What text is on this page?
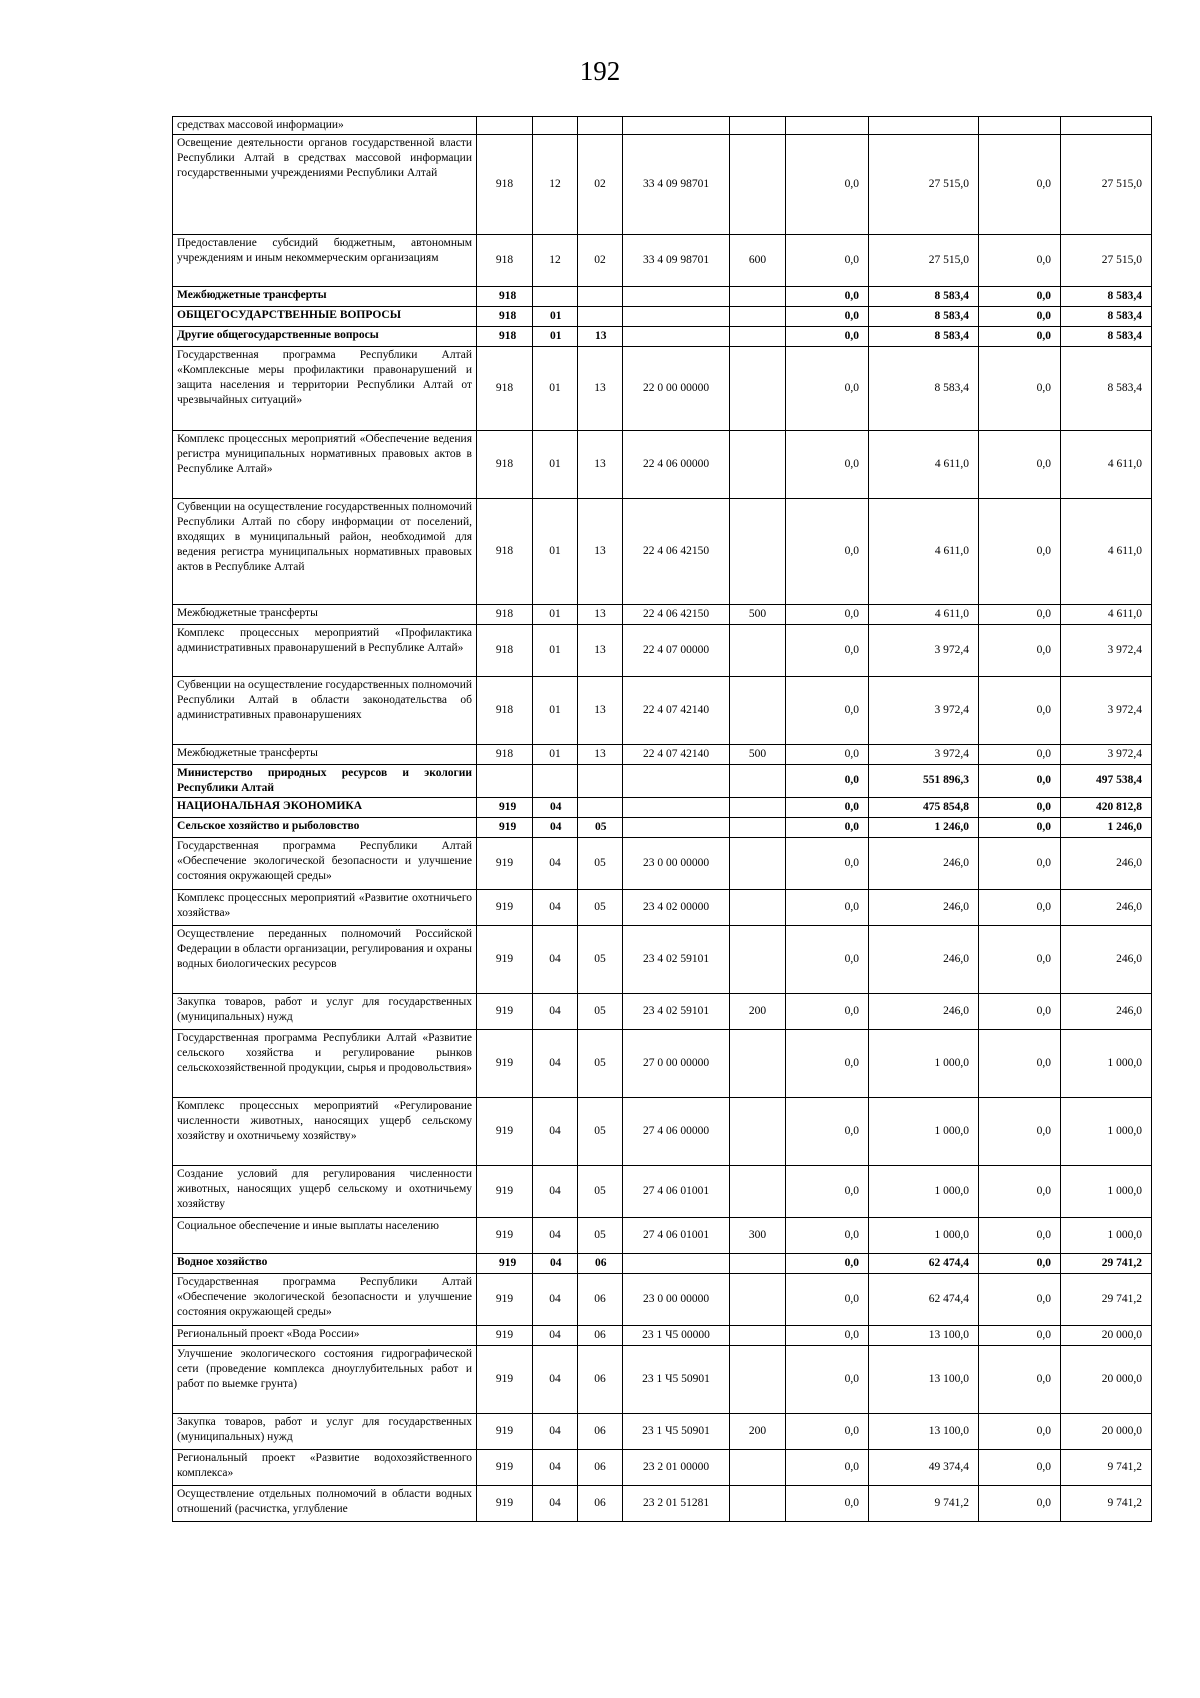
192
средствах массовой информации»									
Освещение деятельности органов государственной власти Республики Алтай в средствах массовой информации государственными учреждениями Республики Алтай	918	12	02	33 4 09 98701		0,0	27 515,0	0,0	27 515,0
Предоставление субсидий бюджетным, автономным учреждениям и иным некоммерческим организациям	918	12	02	33 4 09 98701	600	0,0	27 515,0	0,0	27 515,0
Межбюджетные трансферты	918					0,0	8 583,4	0,0	8 583,4
ОБЩЕГОСУДАРСТВЕННЫЕ ВОПРОСЫ	918	01				0,0	8 583,4	0,0	8 583,4
Другие общегосударственные вопросы	918	01	13			0,0	8 583,4	0,0	8 583,4
Государственная программа Республики Алтай «Комплексные меры профилактики правонарушений и защита населения и территории Республики Алтай от чрезвычайных ситуаций»	918	01	13	22 0 00 00000		0,0	8 583,4	0,0	8 583,4
Комплекс процессных мероприятий «Обеспечение ведения регистра муниципальных нормативных правовых актов в Республике Алтай»	918	01	13	22 4 06 00000		0,0	4 611,0	0,0	4 611,0
Субвенции на осуществление государственных полномочий Республики Алтай по сбору информации от поселений, входящих в муниципальный район, необходимой для ведения регистра муниципальных нормативных правовых актов в Республике Алтай	918	01	13	22 4 06 42150		0,0	4 611,0	0,0	4 611,0
Межбюджетные трансферты	918	01	13	22 4 06 42150	500	0,0	4 611,0	0,0	4 611,0
Комплекс процессных мероприятий «Профилактика административных правонарушений в Республике Алтай»	918	01	13	22 4 07 00000		0,0	3 972,4	0,0	3 972,4
Субвенции на осуществление государственных полномочий Республики Алтай в области законодательства об административных правонарушениях	918	01	13	22 4 07 42140		0,0	3 972,4	0,0	3 972,4
Межбюджетные трансферты	918	01	13	22 4 07 42140	500	0,0	3 972,4	0,0	3 972,4
Министерство природных ресурсов и экологии Республики Алтай						0,0	551 896,3	0,0	497 538,4
НАЦИОНАЛЬНАЯ ЭКОНОМИКА	919	04				0,0	475 854,8	0,0	420 812,8
Сельское хозяйство и рыболовство	919	04	05			0,0	1 246,0	0,0	1 246,0
Государственная программа Республики Алтай «Обеспечение экологической безопасности и улучшение состояния окружающей среды»	919	04	05	23 0 00 00000		0,0	246,0	0,0	246,0
Комплекс процессных мероприятий «Развитие охотничьего хозяйства»	919	04	05	23 4 02 00000		0,0	246,0	0,0	246,0
Осуществление переданных полномочий Российской Федерации в области организации, регулирования и охраны водных биологических ресурсов	919	04	05	23 4 02 59101		0,0	246,0	0,0	246,0
Закупка товаров, работ и услуг для государственных (муниципальных) нужд	919	04	05	23 4 02 59101	200	0,0	246,0	0,0	246,0
Государственная программа Республики Алтай «Развитие сельского хозяйства и регулирование рынков сельскохозяйственной продукции, сырья и продовольствия»	919	04	05	27 0 00 00000		0,0	1 000,0	0,0	1 000,0
Комплекс процессных мероприятий «Регулирование численности животных, наносящих ущерб сельскому хозяйству и охотничьему хозяйству»	919	04	05	27 4 06 00000		0,0	1 000,0	0,0	1 000,0
Создание условий для регулирования численности животных, наносящих ущерб сельскому и охотничьему хозяйству	919	04	05	27 4 06 01001		0,0	1 000,0	0,0	1 000,0
Социальное обеспечение и иные выплаты населению	919	04	05	27 4 06 01001	300	0,0	1 000,0	0,0	1 000,0
Водное хозяйство	919	04	06			0,0	62 474,4	0,0	29 741,2
Государственная программа Республики Алтай «Обеспечение экологической безопасности и улучшение состояния окружающей среды»	919	04	06	23 0 00 00000		0,0	62 474,4	0,0	29 741,2
Региональный проект «Вода России»	919	04	06	23 1 Ч5 00000		0,0	13 100,0	0,0	20 000,0
Улучшение экологического состояния гидрографической сети (проведение комплекса дноуглубительных работ и работ по выемке грунта)	919	04	06	23 1 Ч5 50901		0,0	13 100,0	0,0	20 000,0
Закупка товаров, работ и услуг для государственных (муниципальных) нужд	919	04	06	23 1 Ч5 50901	200	0,0	13 100,0	0,0	20 000,0
Региональный проект «Развитие водохозяйственного комплекса»	919	04	06	23 2 01 00000		0,0	49 374,4	0,0	9 741,2
Осуществление отдельных полномочий в области водных отношений (расчистка, углубление	919	04	06	23 2 01 51281		0,0	9 741,2	0,0	9 741,2
